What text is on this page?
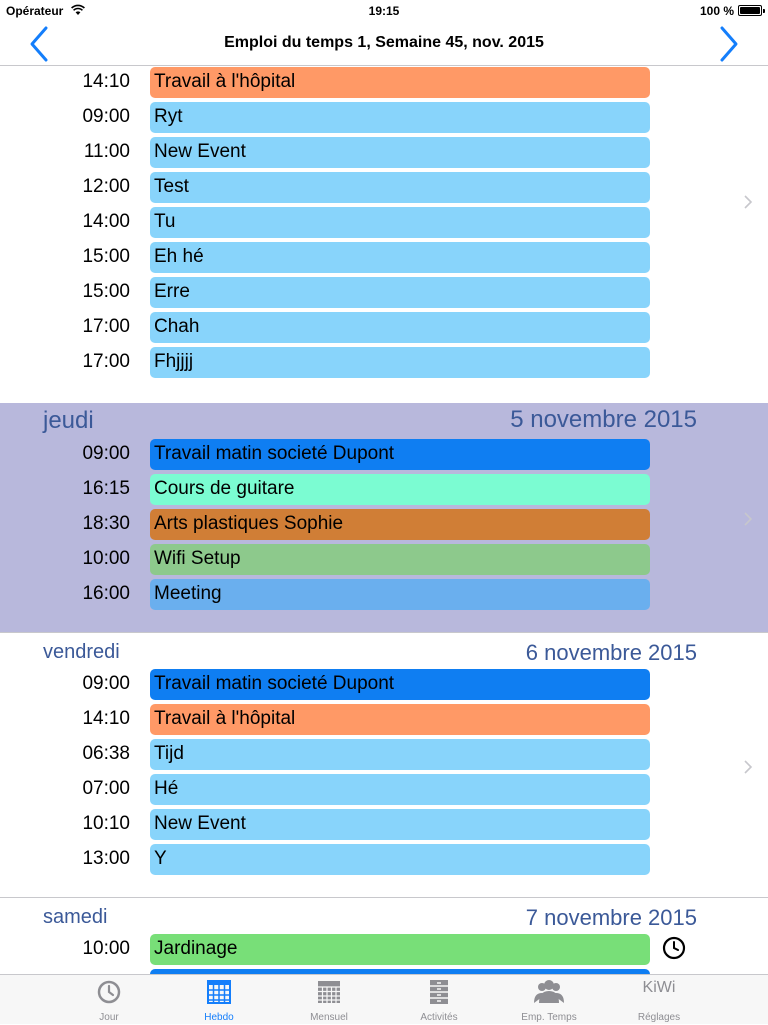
Opérateur	19:15	100 %
Emploi du temps 1, Semaine 45, nov. 2015
14:10 Travail à l'hôpital
09:00 Ryt
11:00 New Event
12:00 Test
14:00 Tu
15:00 Eh hé
15:00 Erre
17:00 Chah
17:00 Fhjjjj
jeudi	5 novembre 2015
09:00 Travail matin societé Dupont
16:15 Cours de guitare
18:30 Arts plastiques Sophie
10:00 Wifi Setup
16:00 Meeting
vendredi	6 novembre 2015
09:00 Travail matin societé Dupont
14:10 Travail à l'hôpital
06:38 Tijd
07:00 Hé
10:10 New Event
13:00 Y
samedi	7 novembre 2015
10:00 Jardinage
Jour	Hebdo	Mensuel	Activités	Emp. Temps
KiWi
Réglages
